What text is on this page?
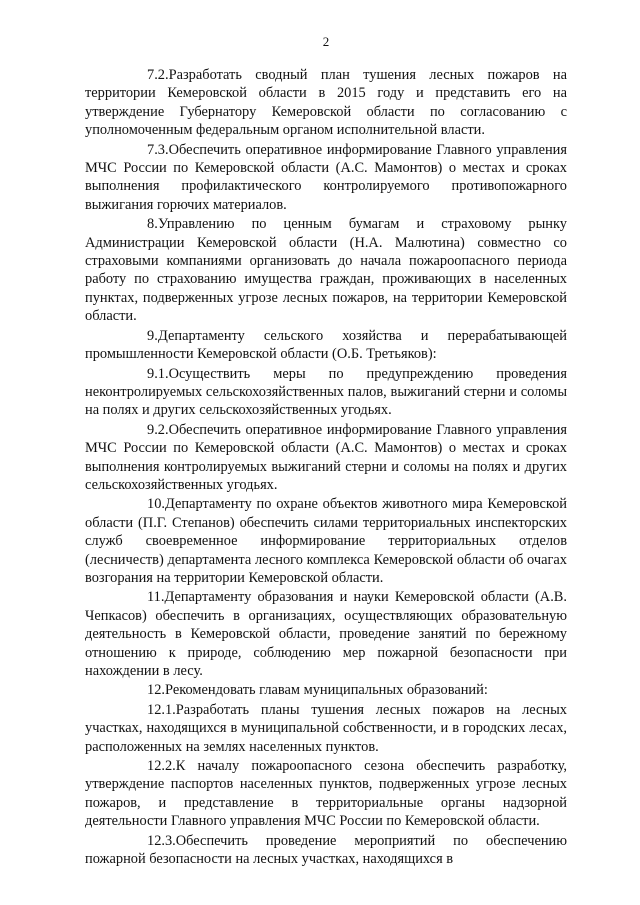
2

7.2.Разработать сводный план тушения лесных пожаров на территории Кемеровской области в 2015 году и представить его на утверждение Губернатору Кемеровской области по согласованию с уполномоченным федеральным органом исполнительной власти.

7.3.Обеспечить оперативное информирование Главного управления МЧС России по Кемеровской области (А.С. Мамонтов) о местах и сроках выполнения профилактического контролируемого противопожарного выжигания горючих материалов.

8.Управлению по ценным бумагам и страховому рынку Администрации Кемеровской области (Н.А. Малютина) совместно со страховыми компаниями организовать до начала пожароопасного периода работу по страхованию имущества граждан, проживающих в населенных пунктах, подверженных угрозе лесных пожаров, на территории Кемеровской области.

9.Департаменту сельского хозяйства и перерабатывающей промышленности Кемеровской области (О.Б. Третьяков):

9.1.Осуществить меры по предупреждению проведения неконтролируемых сельскохозяйственных палов, выжиганий стерни и соломы на полях и других сельскохозяйственных угодьях.

9.2.Обеспечить оперативное информирование Главного управления МЧС России по Кемеровской области (А.С. Мамонтов) о местах и сроках выполнения контролируемых выжиганий стерни и соломы на полях и других сельскохозяйственных угодьях.

10.Департаменту по охране объектов животного мира Кемеровской области (П.Г. Степанов) обеспечить силами территориальных инспекторских служб своевременное информирование территориальных отделов (лесничеств) департамента лесного комплекса Кемеровской области об очагах возгорания на территории Кемеровской области.

11.Департаменту образования и науки Кемеровской области (А.В. Чепкасов) обеспечить в организациях, осуществляющих образовательную деятельность в Кемеровской области, проведение занятий по бережному отношению к природе, соблюдению мер пожарной безопасности при нахождении в лесу.

12.Рекомендовать главам муниципальных образований:

12.1.Разработать планы тушения лесных пожаров на лесных участках, находящихся в муниципальной собственности, и в городских лесах, расположенных на землях населенных пунктов.

12.2.К началу пожароопасного сезона обеспечить разработку, утверждение паспортов населенных пунктов, подверженных угрозе лесных пожаров, и представление в территориальные органы надзорной деятельности Главного управления МЧС России по Кемеровской области.

12.3.Обеспечить проведение мероприятий по обеспечению пожарной безопасности на лесных участках, находящихся в
